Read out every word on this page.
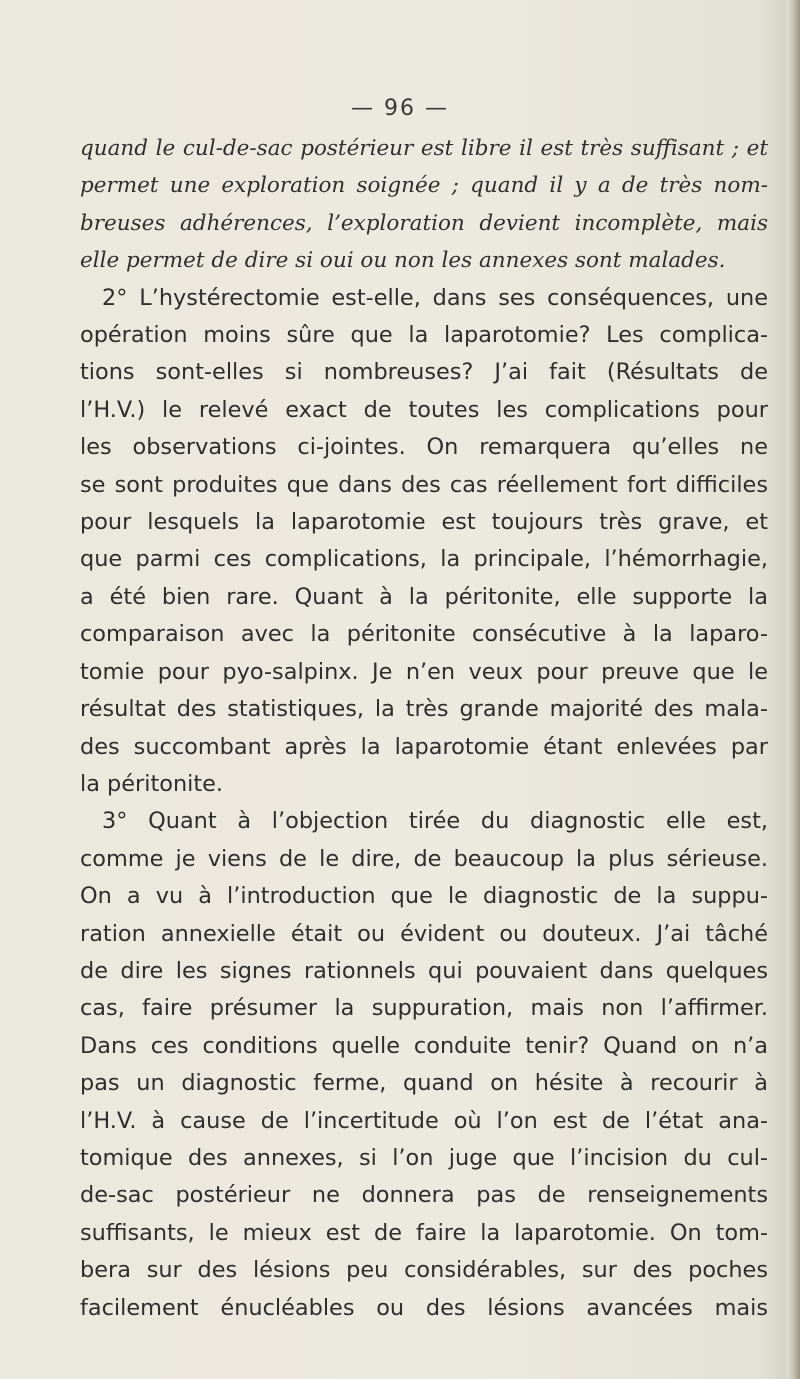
— 96 —
quand le cul-de-sac postérieur est libre il est très suffisant ; et
permet une exploration soignée ; quand il y a de très nom-
breuses adhérences, l’exploration devient incomplète, mais
elle permet de dire si oui ou non les annexes sont malades.
2° L’hystérectomie est-elle, dans ses conséquences, une
opération moins sûre que la laparotomie? Les complica-
tions sont-elles si nombreuses? J’ai fait (Résultats de
l’H.V.) le relevé exact de toutes les complications pour
les observations ci-jointes. On remarquera qu’elles ne
se sont produites que dans des cas réellement fort difficiles
pour lesquels la laparotomie est toujours très grave, et
que parmi ces complications, la principale, l’hémorrhagie,
a été bien rare. Quant à la péritonite, elle supporte la
comparaison avec la péritonite consécutive à la laparo-
tomie pour pyo-salpinx. Je n’en veux pour preuve que le
résultat des statistiques, la très grande majorité des mala-
des succombant après la laparotomie étant enlevées par
la péritonite.
3° Quant à l’objection tirée du diagnostic elle est,
comme je viens de le dire, de beaucoup la plus sérieuse.
On a vu à l’introduction que le diagnostic de la suppu-
ration annexielle était ou évident ou douteux. J’ai tâché
de dire les signes rationnels qui pouvaient dans quelques
cas, faire présumer la suppuration, mais non l’affirmer.
Dans ces conditions quelle conduite tenir? Quand on n’a
pas un diagnostic ferme, quand on hésite à recourir à
l’H.V. à cause de l’incertitude où l’on est de l’état ana-
tomique des annexes, si l’on juge que l’incision du cul-
de-sac postérieur ne donnera pas de renseignements
suffisants, le mieux est de faire la laparotomie. On tom-
bera sur des lésions peu considérables, sur des poches
facilement énucléables ou des lésions avancées mais
